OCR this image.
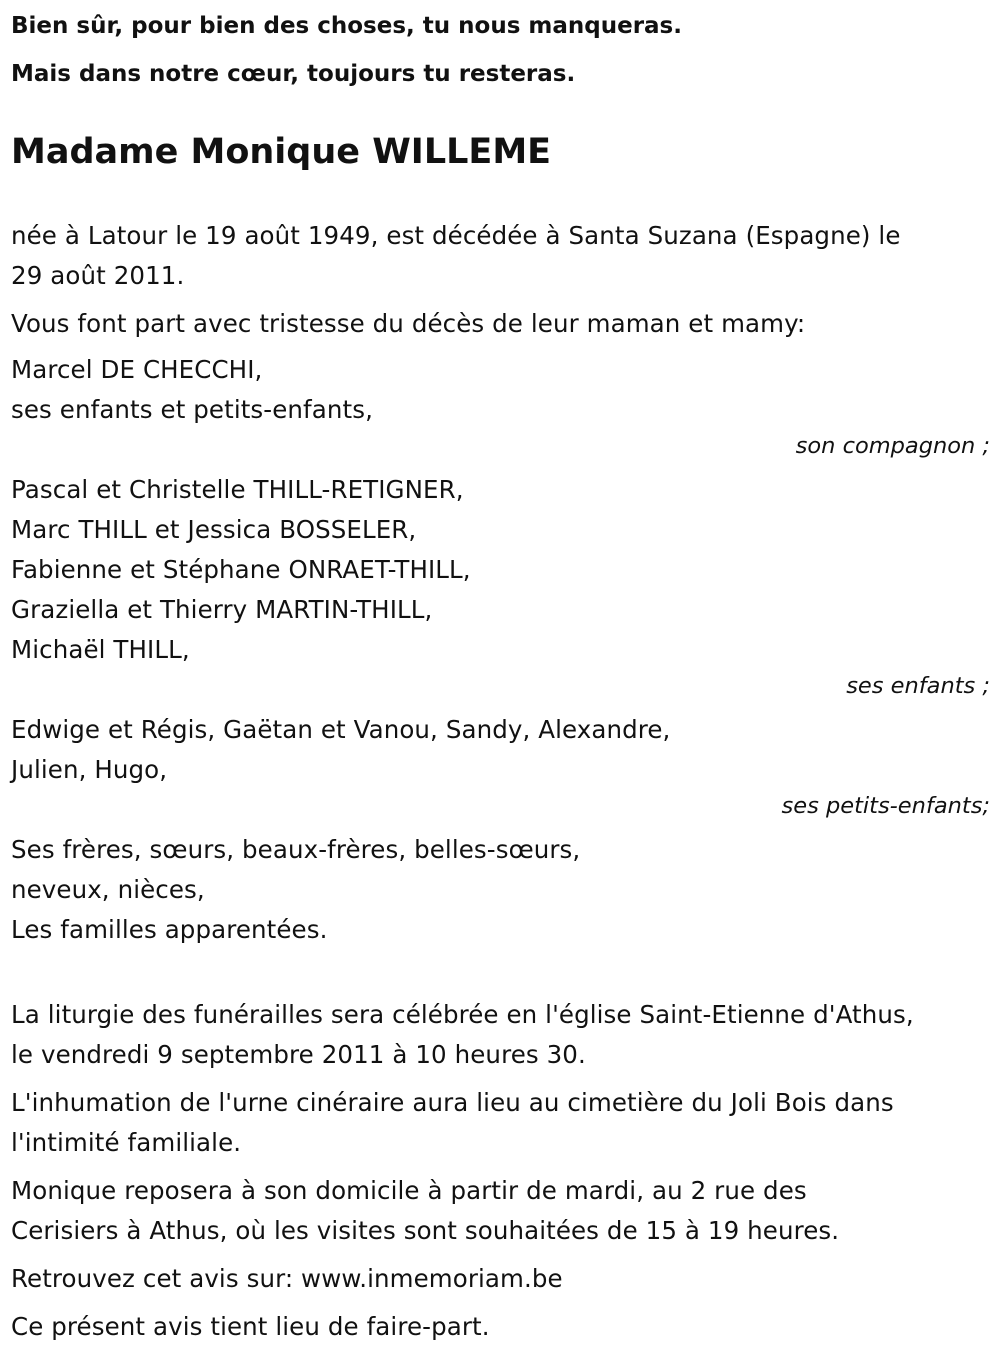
Bien sûr, pour bien des choses, tu nous manqueras.

Mais dans notre cœur, toujours tu resteras.

Madame Monique WILLEME

née à Latour le 19 août 1949, est décédée à Santa Suzana (Espagne) le
29 août 2011.

Vous font part avec tristesse du décès de leur maman et mamy:

Marcel DE CHECCHI,

ses enfants et petits-enfants,

son compagnon ;

Pascal et Christelle THILL-RETIGNER,

Marc THILL et Jessica BOSSELER,

Fabienne et Stéphane ONRAET-THILL,

Graziella et Thierry MARTIN-THILL,

Michaël THILL,

ses enfants ;

Edwige et Régis, Gaëtan et Vanou, Sandy, Alexandre,

Julien, Hugo,

ses petits-enfants;

Ses frères, sœurs, beaux-frères, belles-sœurs,

neveux, nièces,

Les familles apparentées.

La liturgie des funérailles sera célébrée en l'église Saint-Etienne d'Athus,
le vendredi 9 septembre 2011 à 10 heures 30.

L'inhumation de l'urne cinéraire aura lieu au cimetière du Joli Bois dans
l'intimité familiale.

Monique reposera à son domicile à partir de mardi, au 2 rue des
Cerisiers à Athus, où les visites sont souhaitées de 15 à 19 heures.

Retrouvez cet avis sur: www.inmemoriam.be

Ce présent avis tient lieu de faire-part.
